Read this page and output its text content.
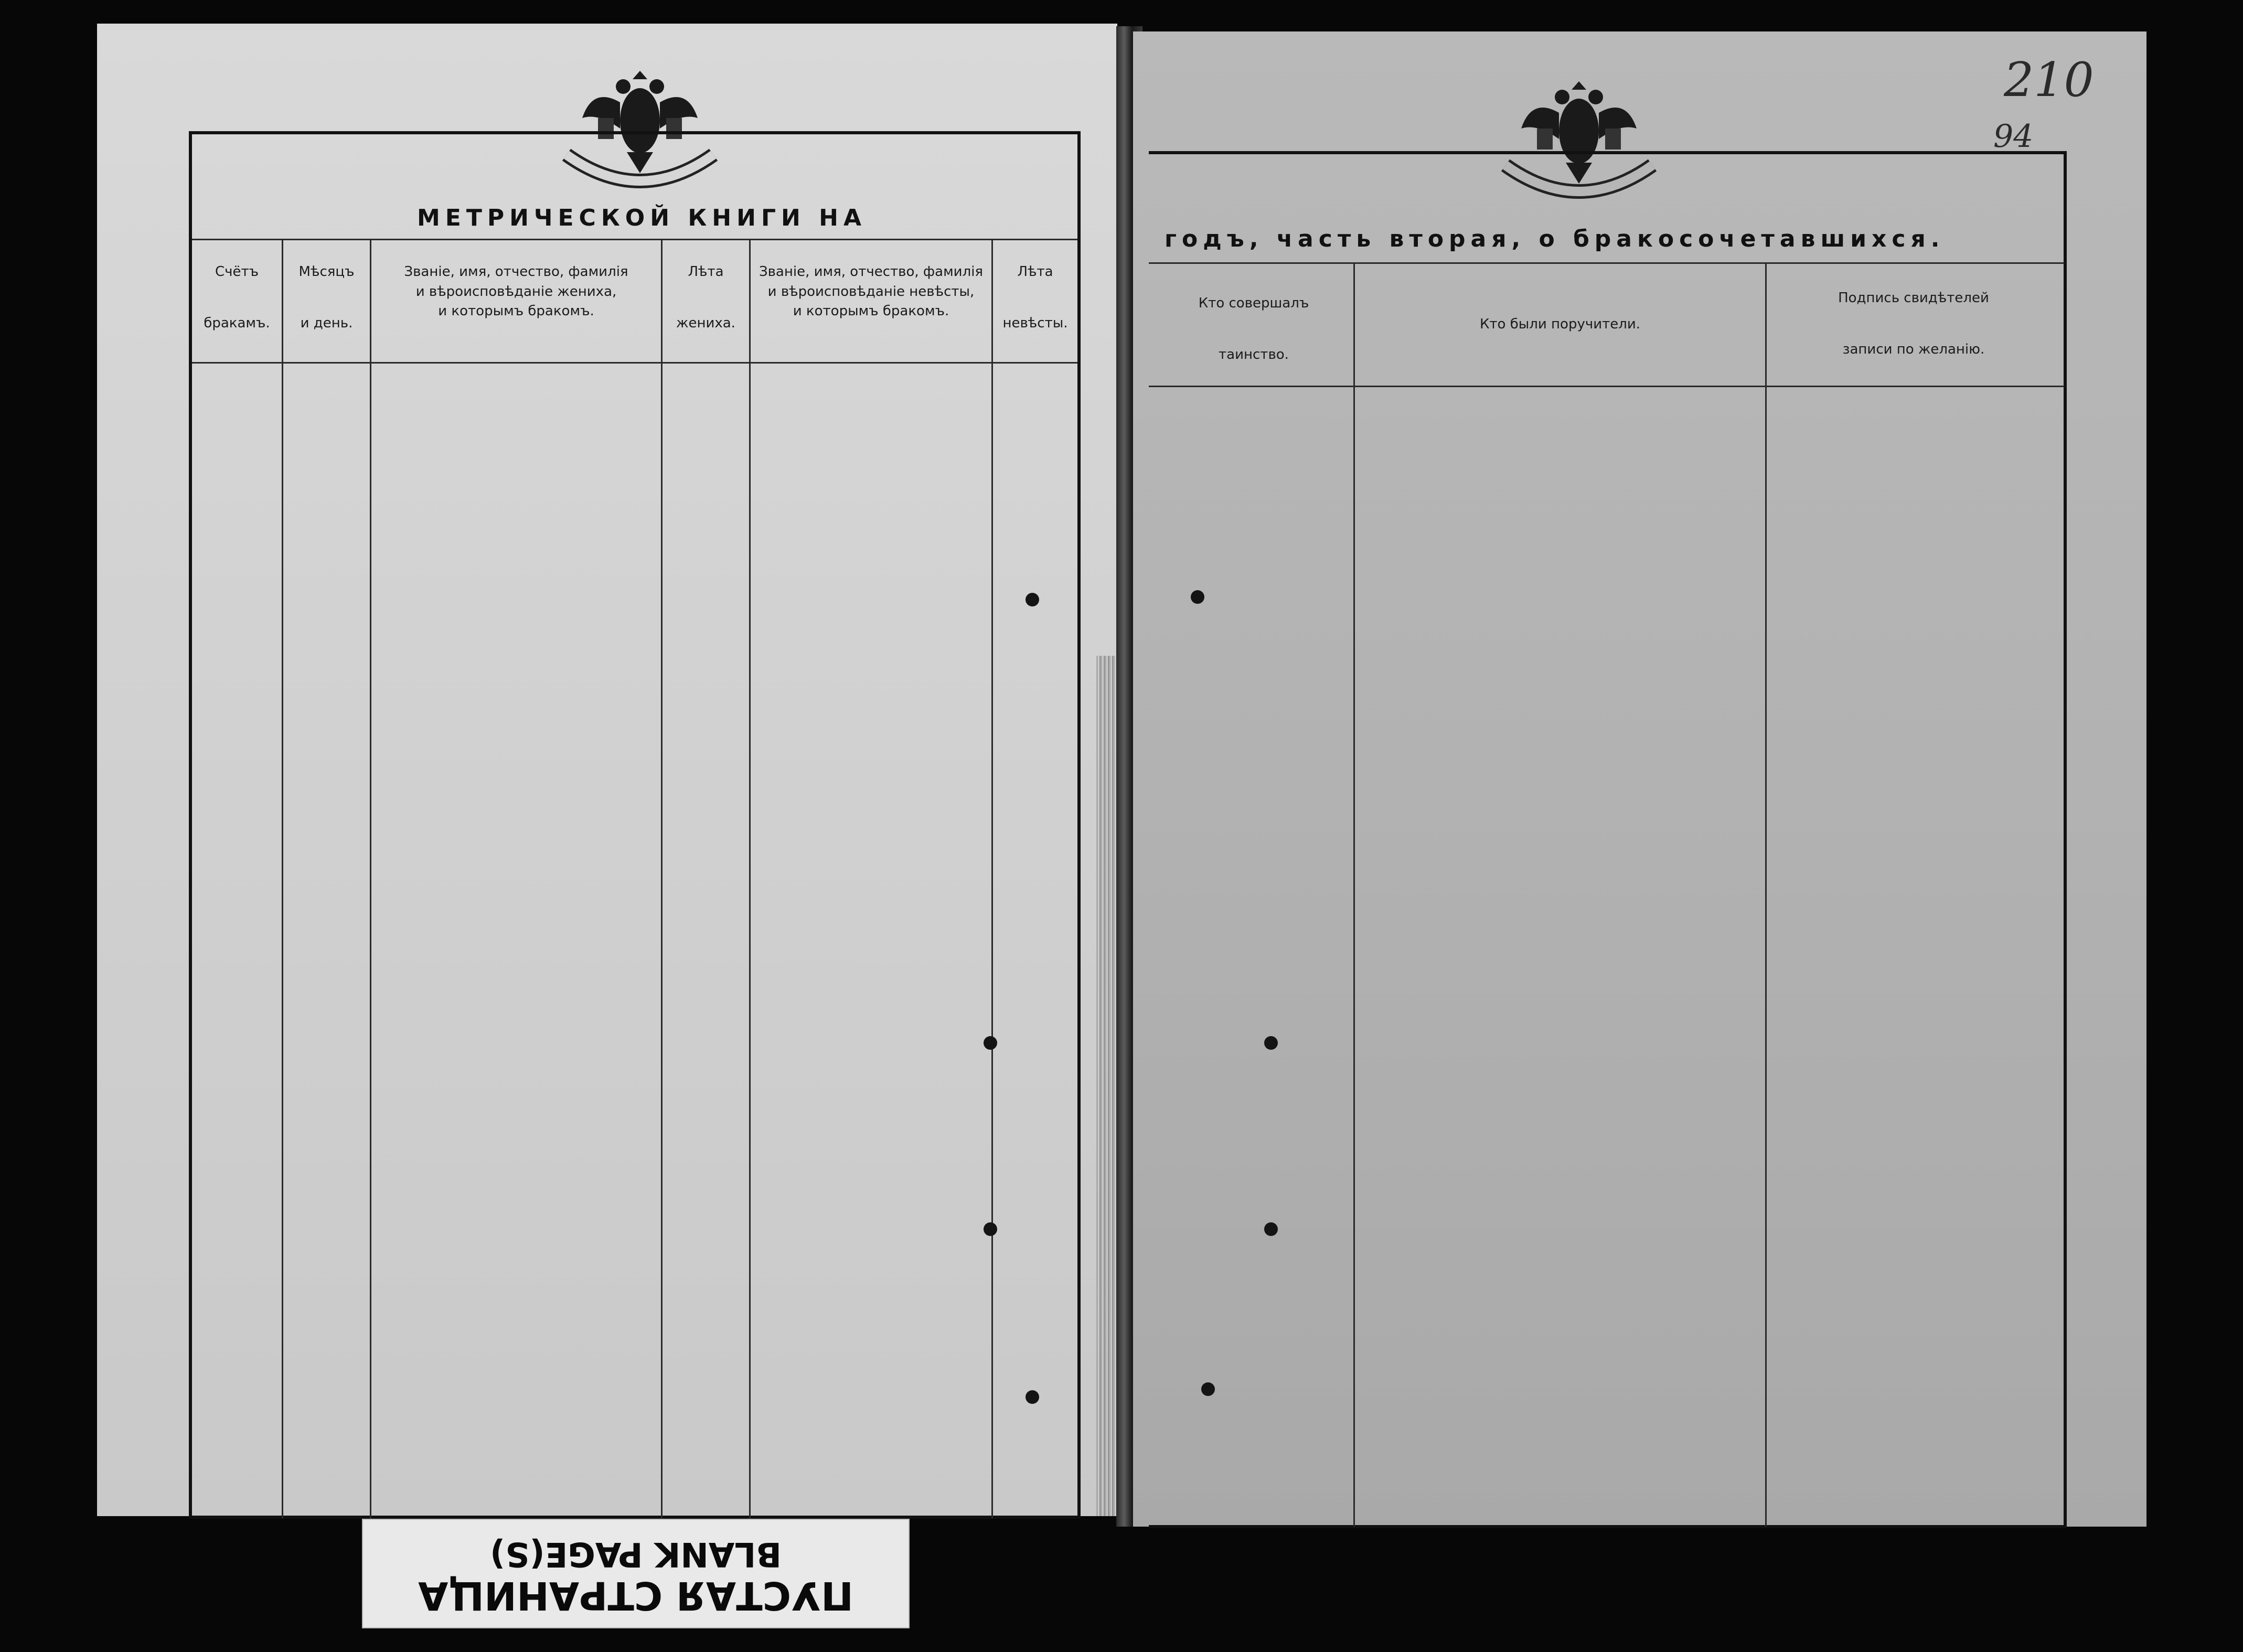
МЕТРИЧЕСКОЙ КНИГИ НА
Счётъ
бракамъ.
Мѣсяцъ
и день.
Званіе, имя, отчество, фамилія
и вѣроисповѣданіе жениха,
и которымъ бракомъ.
Лѣта
жениха.
Званіе, имя, отчество, фамилія
и вѣроисповѣданіе невѣсты,
и которымъ бракомъ.
Лѣта
невѣсты.
210
94
годъ, часть вторая, о бракосочетавшихся.
Кто совершалъ
таинство.
Кто были поручители.
Подпись свидѣтелей
записи по желанію.
ПУСТАЯ СТРАНИЦА
BLANK PAGE(S)
